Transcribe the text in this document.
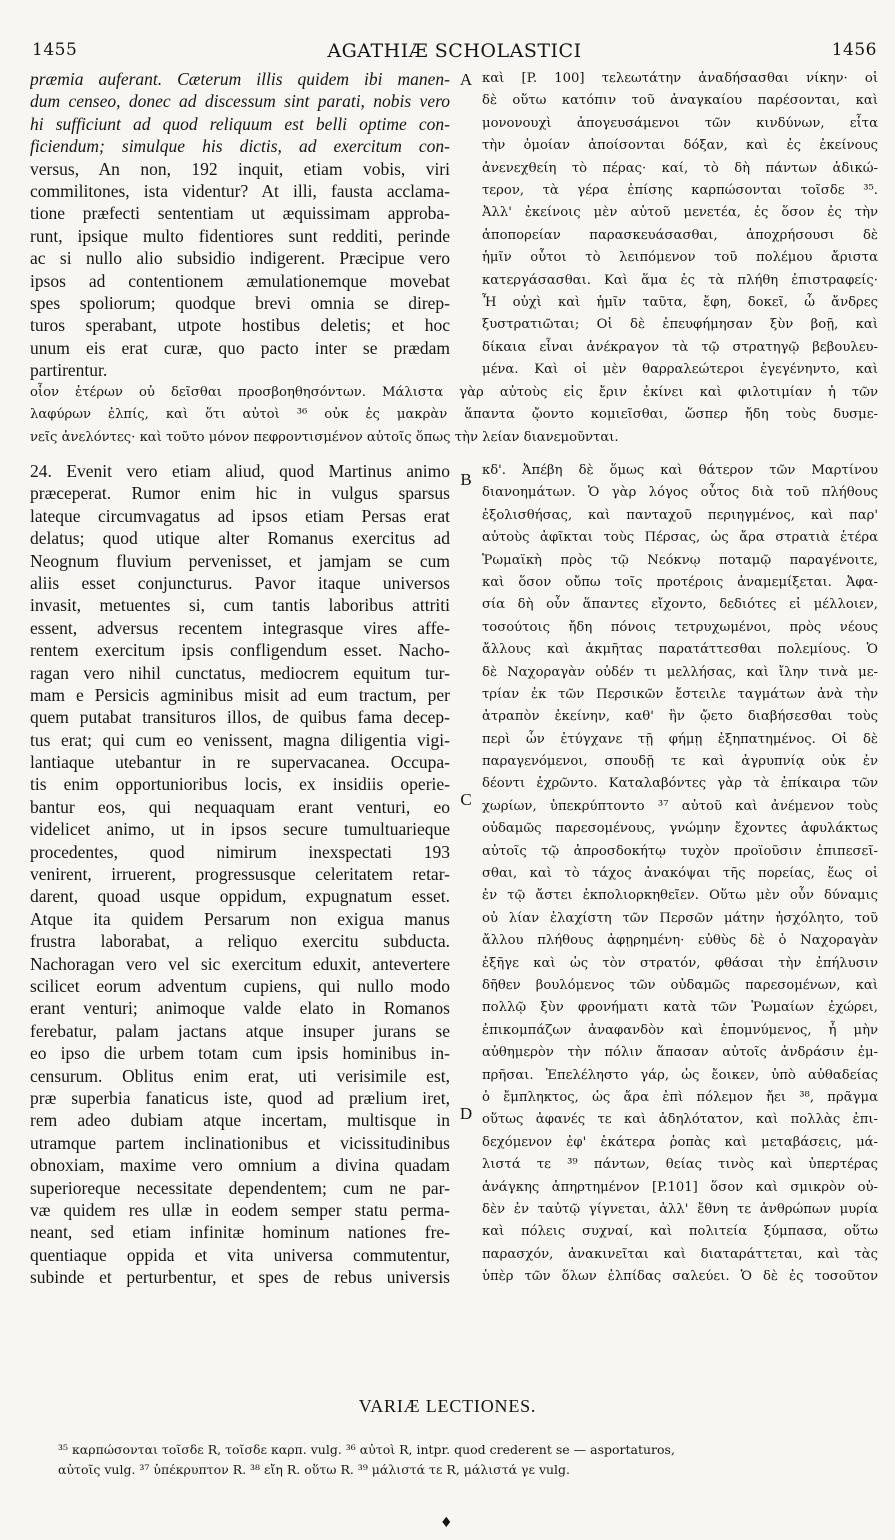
1455	AGATHIÆ SCHOLASTICI	1456
præmia auferant. Cæterum illis quidem ibi manen-
dum censeo, donec ad discessum sint parati, nobis vero
hi sufficiunt ad quod reliquum est belli optime con-
ficiendum; simulque his dictis, ad exercitum con-
versus, An non, 192 inquit, etiam vobis, viri
commilitones, ista videntur? At illi, fausta acclama-
tione præfecti sententiam ut æquissimam approba-
runt, ipsique multo fidentiores sunt redditi, perinde
ac si nullo alio subsidio indigerent. Præcipue vero
ipsos ad contentionem æmulationemque movebat
spes spoliorum; quodque brevi omnia se direp-
turos sperabant, utpote hostibus deletis; et hoc
unum eis erat curæ, quo pacto inter se prædam
partirentur.
καὶ [P. 100] τελεωτάτην ἀναδήσασθαι νίκην· οἱ
δὲ οὕτω κατόπιν τοῦ ἀναγκαίου παρέσονται, καὶ
μονονουχὶ ἀπογευσάμενοι τῶν κινδύνων, εἶτα
τὴν ὁμοίαν ἀποίσονται δόξαν, καὶ ἐς ἐκείνους
ἀνενεχθείη τὸ πέρας· καί, τὸ δὴ πάντων ἀδικώ-
τερον, τὰ γέρα ἐπίσης καρπώσονται τοῖσδε ³⁵.
Ἀλλ' ἐκείνοις μὲν αὐτοῦ μενετέα, ἐς ὅσον ἐς τὴν
ἀποπορείαν παρασκευάσασθαι, ἀποχρήσουσι δὲ
ἡμῖν οὗτοι τὸ λειπόμενον τοῦ πολέμου ἄριστα
κατεργάσασθαι. Καὶ ἅμα ἐς τὰ πλήθη ἐπιστραφείς·
Ἦ οὐχὶ καὶ ἡμῖν ταῦτα, ἔφη, δοκεῖ, ὦ ἄνδρες
ξυστρατιῶται; Οἱ δὲ ἐπευφήμησαν ξὺν βοῇ, καὶ
δίκαια εἶναι ἀνέκραγον τὰ τῷ στρατηγῷ βεβουλευ-
μένα. Καὶ οἱ μὲν θαρραλεώτεροι ἐγεγένηντο, καὶ
οἷον ἑτέρων οὐ δεῖσθαι προσβοηθησόντων. Μάλιστα γὰρ αὐτοὺς εἰς ἔριν ἐκίνει καὶ φιλοτιμίαν ἡ τῶν
λαφύρων ἐλπίς, καὶ ὅτι αὐτοὶ ³⁶ οὐκ ἐς μακρὰν ἅπαντα ᾤοντο κομιεῖσθαι, ὥσπερ ἤδη τοὺς δυσμε-
νεῖς ἀνελόντες· καὶ τοῦτο μόνον πεφροντισμένον αὐτοῖς ὅπως τὴν λείαν διανεμοῦνται.
24. Evenit vero etiam aliud, quod Martinus animo
præceperat. Rumor enim hic in vulgus sparsus
lateque circumvagatus ad ipsos etiam Persas erat
delatus; quod utique alter Romanus exercitus ad
Neognum fluvium pervenisset, et jamjam se cum
aliis esset conjuncturus. Pavor itaque universos
invasit, metuentes si, cum tantis laboribus attriti
essent, adversus recentem integrasque vires affe-
rentem exercitum ipsis confligendum esset. Nacho-
ragan vero nihil cunctatus, mediocrem equitum tur-
mam e Persicis agminibus misit ad eum tractum, per
quem putabat transituros illos, de quibus fama decep-
tus erat; qui cum eo venissent, magna diligentia vigi-
lantiaque utebantur in re supervacanea. Occupa-
tis enim opportunioribus locis, ex insidiis operie-
bantur eos, qui nequaquam erant venturi, eo
videlicet animo, ut in ipsos secure tumultuarieque
procedentes, quod nimirum inexspectati 193
venirent, irruerent, progressusque celeritatem retar-
darent, quoad usque oppidum, expugnatum esset.
Atque ita quidem Persarum non exigua manus
frustra laborabat, a reliquo exercitu subducta.
Nachoragan vero vel sic exercitum eduxit, antevertere
scilicet eorum adventum cupiens, qui nullo modo
erant venturi; animoque valde elato in Romanos
ferebatur, palam jactans atque insuper jurans se
eo ipso die urbem totam cum ipsis hominibus in-
censurum. Oblitus enim erat, uti verisimile est,
præ superbia fanaticus iste, quod ad prælium iret,
rem adeo dubiam atque incertam, multisque in
utramque partem inclinationibus et vicissitudinibus
obnoxiam, maxime vero omnium a divina quadam
superioreque necessitate dependentem; cum ne par-
væ quidem res ullæ in eodem semper statu perma-
neant, sed etiam infinitæ hominum nationes fre-
quentiaque oppida et vita universa commutentur,
subinde et perturbentur, et spes de rebus universis
κδ'. Ἀπέβη δὲ ὅμως καὶ θάτερον τῶν Μαρτίνου
διανοημάτων. Ὁ γὰρ λόγος οὗτος διὰ τοῦ πλήθους
ἐξολισθήσας, καὶ πανταχοῦ περιηγμένος, καὶ παρ'
αὐτοὺς ἀφῖκται τοὺς Πέρσας, ὡς ἄρα στρατιὰ ἑτέρα
Ῥωμαϊκὴ πρὸς τῷ Νεόκνῳ ποταμῷ παραγένοιτε,
καὶ ὅσον οὔπω τοῖς προτέροις ἀναμεμίξεται. Ἀφα-
σία δὴ οὖν ἅπαντες εἴχοντο, δεδιότες εἰ μέλλοιεν,
τοσούτοις ἤδη πόνοις τετρυχωμένοι, πρὸς νέους
ἄλλους καὶ ἀκμῆτας παρατάττεσθαι πολεμίους. Ὁ
δὲ Ναχοραγὰν οὐδέν τι μελλήσας, καὶ ἴλην τινὰ με-
τρίαν ἐκ τῶν Περσικῶν ἔστειλε ταγμάτων ἀνὰ τὴν
ἀτραπὸν ἐκείνην, καθ' ἣν ᾤετο διαβήσεσθαι τοὺς
περὶ ὧν ἐτύγχανε τῇ φήμῃ ἐξηπατημένος. Οἱ δὲ
παραγενόμενοι, σπουδῇ τε καὶ ἀγρυπνίᾳ οὐκ ἐν
δέοντι ἐχρῶντο. Καταλαβόντες γὰρ τὰ ἐπίκαιρα τῶν
χωρίων, ὑπεκρύπτοντο ³⁷ αὐτοῦ καὶ ἀνέμενον τοὺς
οὐδαμῶς παρεσομένους, γνώμην ἔχοντες ἀφυλάκτως
αὐτοῖς τῷ ἀπροσδοκήτῳ τυχὸν προϊοῦσιν ἐπιπεσεῖ-
σθαι, καὶ τὸ τάχος ἀνακόψαι τῆς πορείας, ἕως οἱ
ἐν τῷ ἄστει ἐκπολιορκηθεῖεν. Οὕτω μὲν οὖν δύναμις
οὐ λίαν ἐλαχίστη τῶν Περσῶν μάτην ἠσχόλητο, τοῦ
ἄλλου πλήθους ἀφῃρημένη· εὐθὺς δὲ ὁ Ναχοραγὰν
ἐξῆγε καὶ ὡς τὸν στρατόν, φθάσαι τὴν ἐπήλυσιν
δῆθεν βουλόμενος τῶν οὐδαμῶς παρεσομένων, καὶ
πολλῷ ξὺν φρονήματι κατὰ τῶν Ῥωμαίων ἐχώρει,
ἐπικομπάζων ἀναφανδὸν καὶ ἐπομνύμενος, ἦ μὴν
αὐθημερὸν τὴν πόλιν ἅπασαν αὐτοῖς ἀνδράσιν ἐμ-
πρῆσαι. Ἐπελέληστο γάρ, ὡς ἔοικεν, ὑπὸ αὐθαδείας
ὁ ἔμπληκτος, ὡς ἄρα ἐπὶ πόλεμον ἤει ³⁸, πρᾶγμα
οὕτως ἀφανές τε καὶ ἀδηλότατον, καὶ πολλὰς ἐπι-
δεχόμενον ἐφ' ἑκάτερα ῥοπὰς καὶ μεταβάσεις, μά-
λιστά τε ³⁹ πάντων, θείας τινὸς καὶ ὑπερτέρας
ἀνάγκης ἀπηρτημένον [P.101] ὅσον καὶ σμικρὸν οὐ-
δὲν ἐν ταὐτῷ γίγνεται, ἀλλ' ἔθνη τε ἀνθρώπων μυρία
καὶ πόλεις συχναί, καὶ πολιτεία ξύμπασα, οὕτω
παρασχόν, ἀνακινεῖται καὶ διαταράττεται, καὶ τὰς
ὑπὲρ τῶν ὅλων ἐλπίδας σαλεύει. Ὁ δὲ ἐς τοσοῦτον
A
B
C
D
VARIÆ LECTIONES.
³⁵ καρπώσονται τοῖσδε R, τοῖσδε καρπ. vulg. ³⁶ αὐτοὶ R, intpr. quod crederent se — asportaturos,
αὐτοῖς vulg. ³⁷ ὑπέκρυπτον R. ³⁸ εἴη R. οὕτω R. ³⁹ μάλιστά τε R, μάλιστά γε vulg.
♦
